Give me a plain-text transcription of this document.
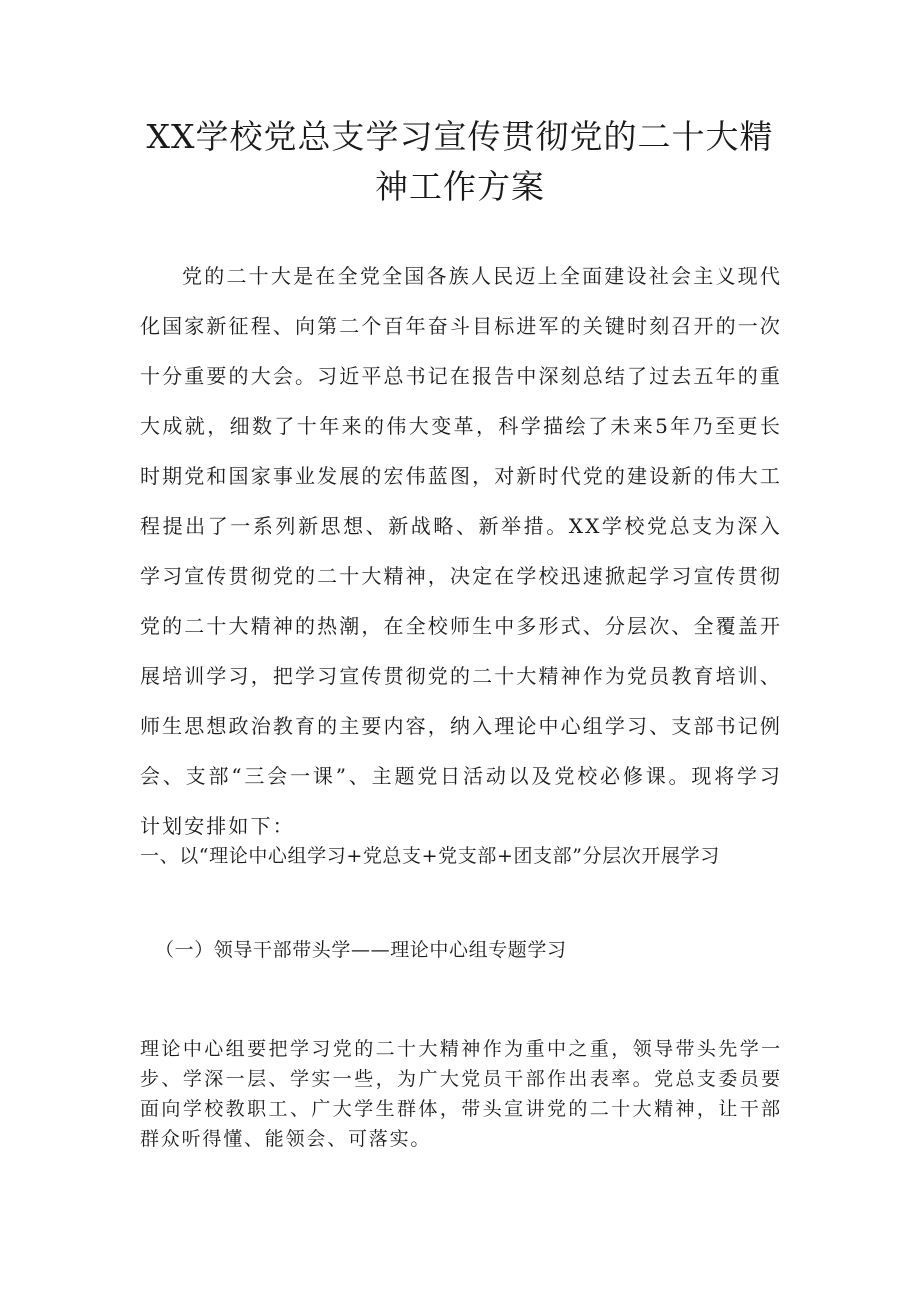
XX学校党总支学习宣传贯彻党的二十大精
神工作方案

党的二十大是在全党全国各族人民迈上全面建设社会主义现代化国家新征程、向第二个百年奋斗目标进军的关键时刻召开的一次十分重要的大会。习近平总书记在报告中深刻总结了过去五年的重大成就，细数了十年来的伟大变革，科学描绘了未来5年乃至更长时期党和国家事业发展的宏伟蓝图，对新时代党的建设新的伟大工程提出了一系列新思想、新战略、新举措。XX学校党总支为深入学习宣传贯彻党的二十大精神，决定在学校迅速掀起学习宣传贯彻党的二十大精神的热潮，在全校师生中多形式、分层次、全覆盖开展培训学习，把学习宣传贯彻党的二十大精神作为党员教育培训、师生思想政治教育的主要内容，纳入理论中心组学习、支部书记例会、支部“三会一课”、主题党日活动以及党校必修课。现将学习计划安排如下：

一、以“理论中心组学习+党总支+党支部+团支部”分层次开展学习
（一）领导干部带头学——理论中心组专题学习

理论中心组要把学习党的二十大精神作为重中之重，领导带头先学一步、学深一层、学实一些，为广大党员干部作出表率。党总支委员要面向学校教职工、广大学生群体，带头宣讲党的二十大精神，让干部群众听得懂、能领会、可落实。
